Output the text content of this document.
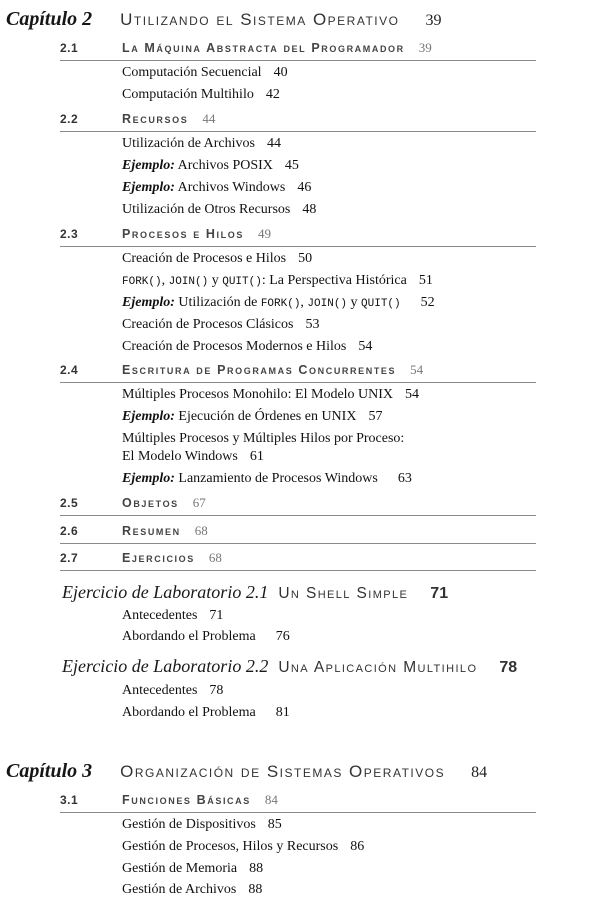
Capítulo 2 Utilizando el Sistema Operativo 39
2.1	La Máquina Abstracta del Programador 39
Computación Secuencial 40
Computación Multihilo 42
2.2	Recursos 44
Utilización de Archivos 44
Ejemplo: Archivos POSIX 45
Ejemplo: Archivos Windows 46
Utilización de Otros Recursos 48
2.3	Procesos e Hilos 49
Creación de Procesos e Hilos 50
FORK(), JOIN() y QUIT(): La Perspectiva Histórica 51
Ejemplo: Utilización de FORK(), JOIN() y QUIT() 52
Creación de Procesos Clásicos 53
Creación de Procesos Modernos e Hilos 54
2.4	Escritura de Programas Concurrentes 54
Múltiples Procesos Monohilo: El Modelo UNIX 54
Ejemplo: Ejecución de Órdenes en UNIX 57
Múltiples Procesos y Múltiples Hilos por Proceso:
El Modelo Windows 61
Ejemplo: Lanzamiento de Procesos Windows 63
2.5	Objetos 67
2.6	Resumen 68
2.7	Ejercicios 68
Ejercicio de Laboratorio 2.1 Un Shell Simple 71
Antecedentes 71
Abordando el Problema 76
Ejercicio de Laboratorio 2.2 Una Aplicación Multihilo 78
Antecedentes 78
Abordando el Problema 81
Capítulo 3 Organización de Sistemas Operativos 84
3.1	Funciones Básicas 84
Gestión de Dispositivos 85
Gestión de Procesos, Hilos y Recursos 86
Gestión de Memoria 88
Gestión de Archivos 88
